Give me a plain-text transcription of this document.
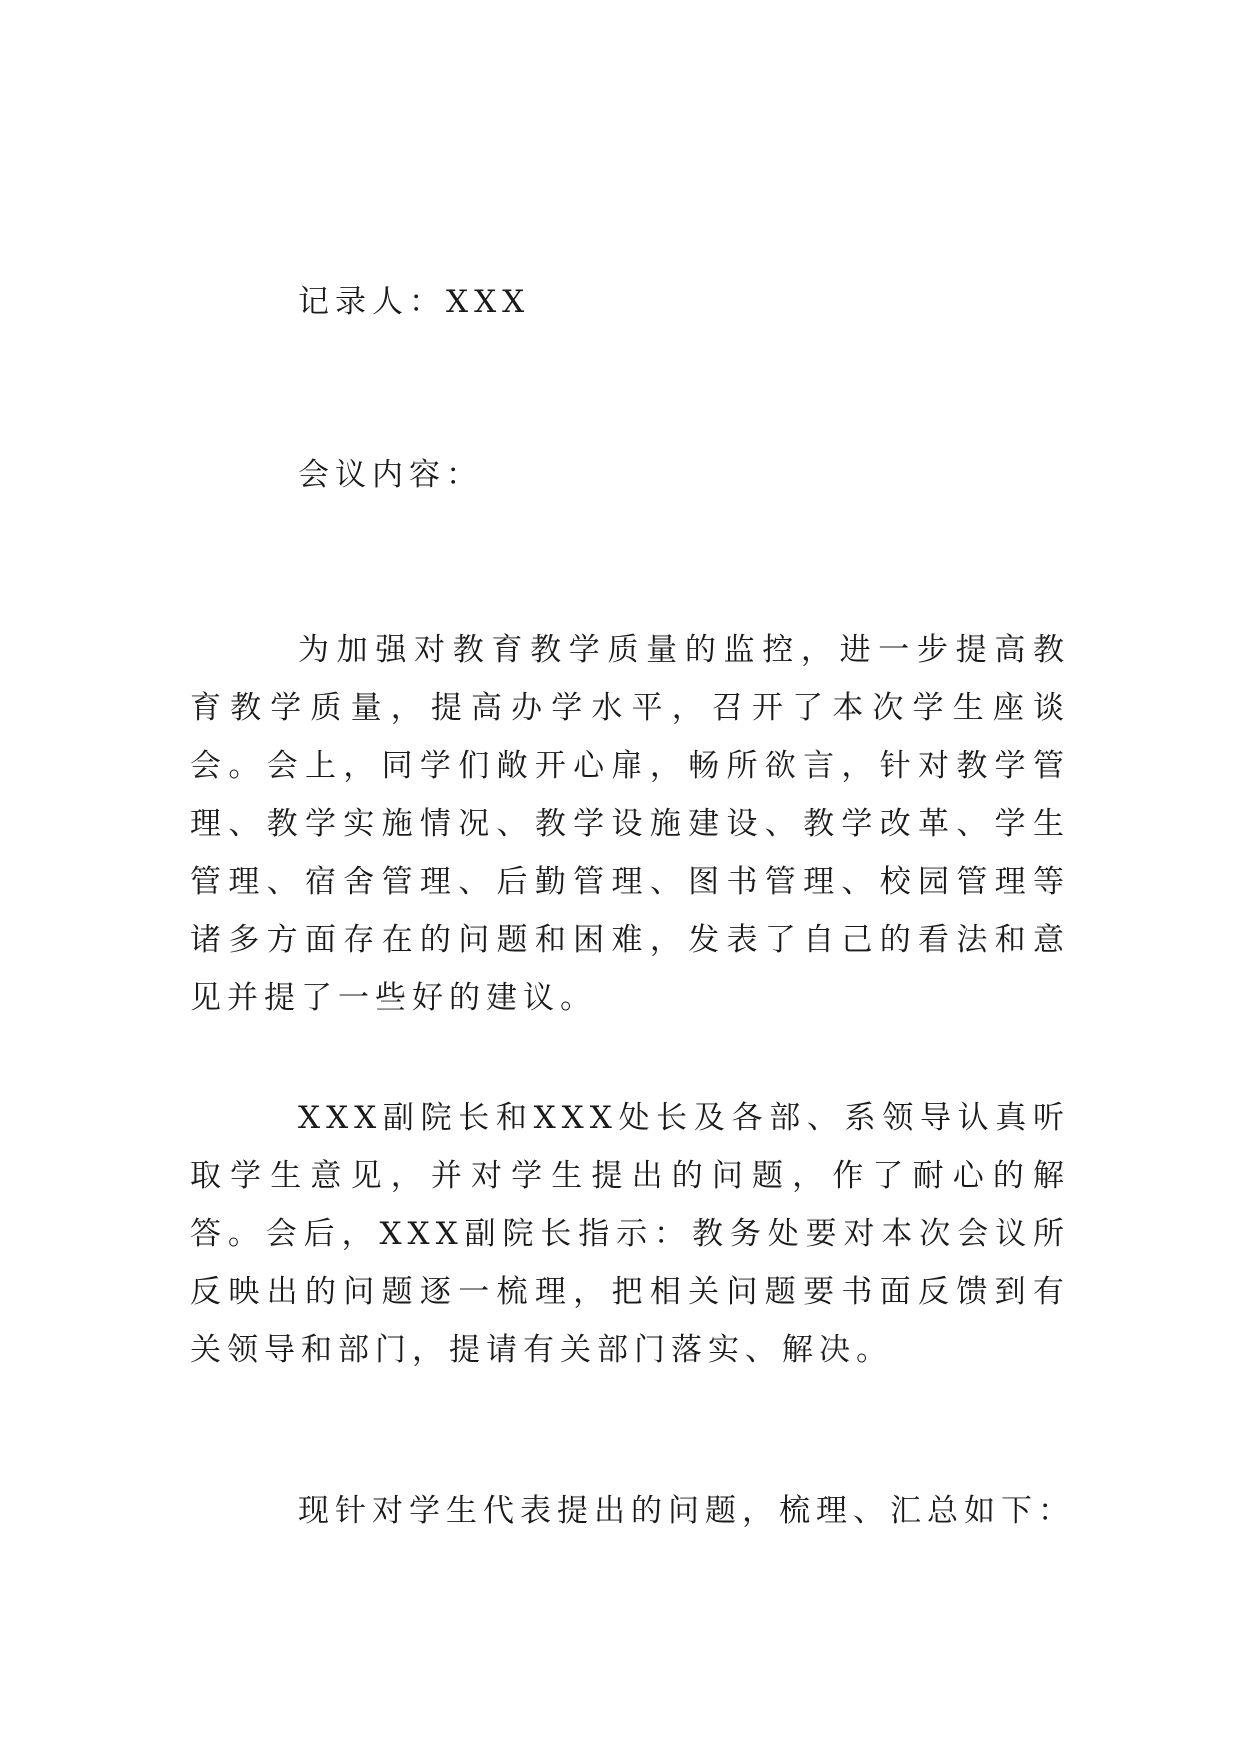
记录人：XXX

会议内容：

为加强对教育教学质量的监控，进一步提高教育教学质量，提高办学水平，召开了本次学生座谈会。会上，同学们敞开心扉，畅所欲言，针对教学管理、教学实施情况、教学设施建设、教学改革、学生管理、宿舍管理、后勤管理、图书管理、校园管理等诸多方面存在的问题和困难，发表了自己的看法和意见并提了一些好的建议。

XXX副院长和XXX处长及各部、系领导认真听取学生意见，并对学生提出的问题，作了耐心的解答。会后，XXX副院长指示：教务处要对本次会议所反映出的问题逐一梳理，把相关问题要书面反馈到有关领导和部门，提请有关部门落实、解决。

现针对学生代表提出的问题，梳理、汇总如下：
